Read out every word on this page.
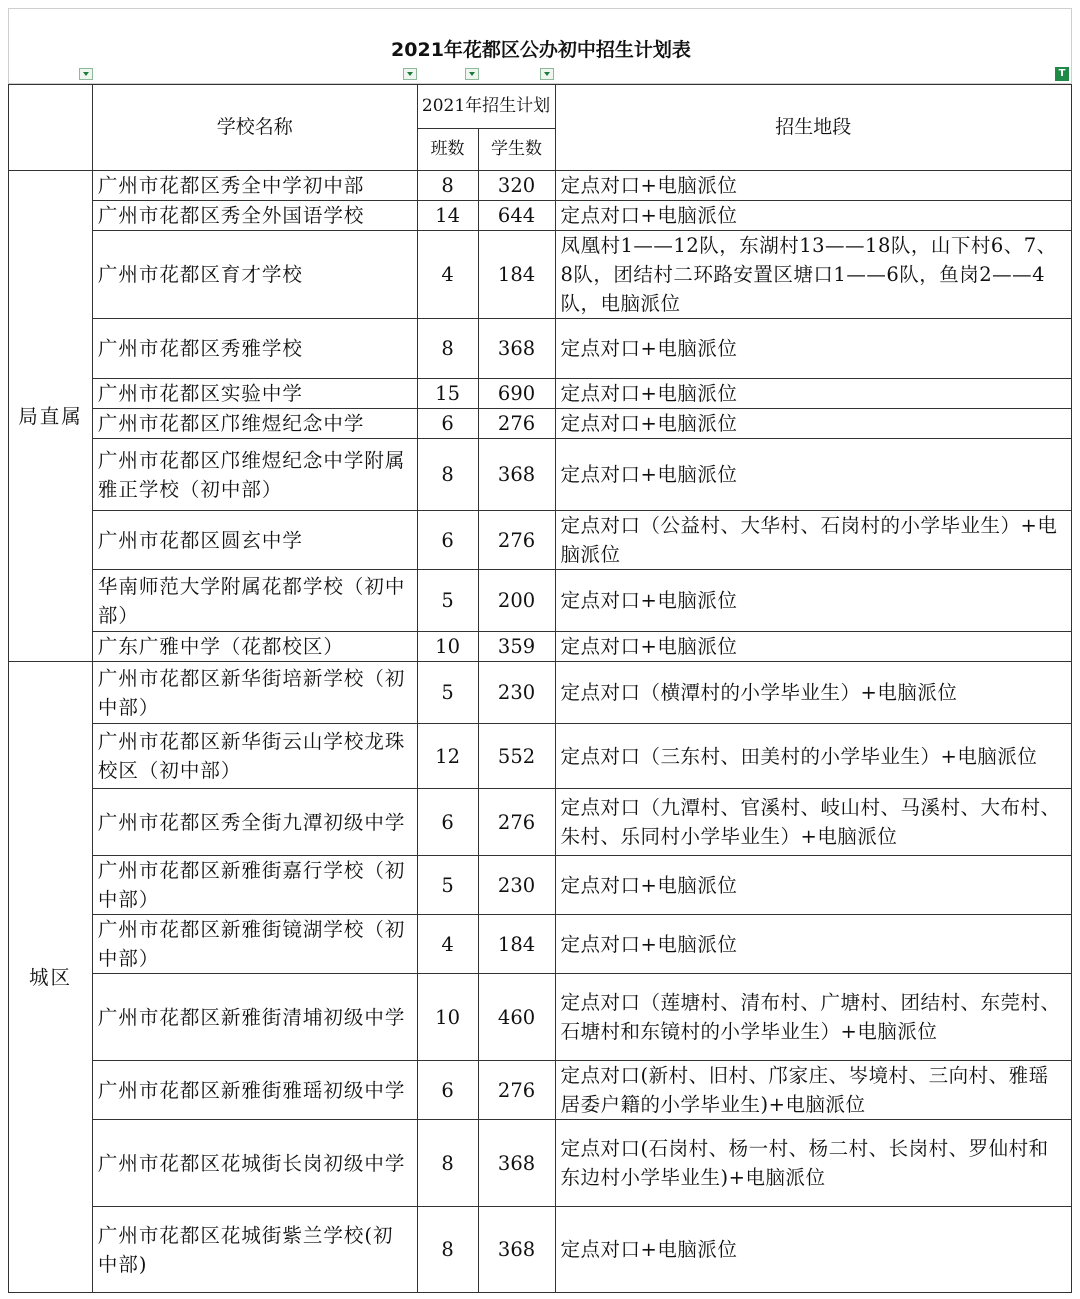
2021年花都区公办初中招生计划表
T
	学校名称	2021年招生计划		招生地段
		班数	学生数	
局直属	广州市花都区秀全中学初中部	8	320	定点对口+电脑派位
	广州市花都区秀全外国语学校	14	644	定点对口+电脑派位
	广州市花都区育才学校	4	184	凤凰村1——12队，东湖村13——18队，山下村6、7、8队，团结村二环路安置区塘口1——6队，鱼岗2——4队，电脑派位
	广州市花都区秀雅学校	8	368	定点对口+电脑派位
	广州市花都区实验中学	15	690	定点对口+电脑派位
	广州市花都区邝维煜纪念中学	6	276	定点对口+电脑派位
	广州市花都区邝维煜纪念中学附属雅正学校（初中部）	8	368	定点对口+电脑派位
	广州市花都区圆玄中学	6	276	定点对口（公益村、大华村、石岗村的小学毕业生）+电脑派位
	华南师范大学附属花都学校（初中部）	5	200	定点对口+电脑派位
	广东广雅中学（花都校区）	10	359	定点对口+电脑派位
城区	广州市花都区新华街培新学校（初中部）	5	230	定点对口（横潭村的小学毕业生）+电脑派位
	广州市花都区新华街云山学校龙珠校区（初中部）	12	552	定点对口（三东村、田美村的小学毕业生）+电脑派位
	广州市花都区秀全街九潭初级中学	6	276	定点对口（九潭村、官溪村、岐山村、马溪村、大布村、朱村、乐同村小学毕业生）+电脑派位
	广州市花都区新雅街嘉行学校（初中部）	5	230	定点对口+电脑派位
	广州市花都区新雅街镜湖学校（初中部）	4	184	定点对口+电脑派位
	广州市花都区新雅街清埔初级中学	10	460	定点对口（莲塘村、清布村、广塘村、团结村、东莞村、石塘村和东镜村的小学毕业生）+电脑派位
	广州市花都区新雅街雅瑶初级中学	6	276	定点对口(新村、旧村、邝家庄、岑境村、三向村、雅瑶居委户籍的小学毕业生)+电脑派位
	广州市花都区花城街长岗初级中学	8	368	定点对口(石岗村、杨一村、杨二村、长岗村、罗仙村和东边村小学毕业生)+电脑派位
	广州市花都区花城街紫兰学校(初中部)	8	368	定点对口+电脑派位
